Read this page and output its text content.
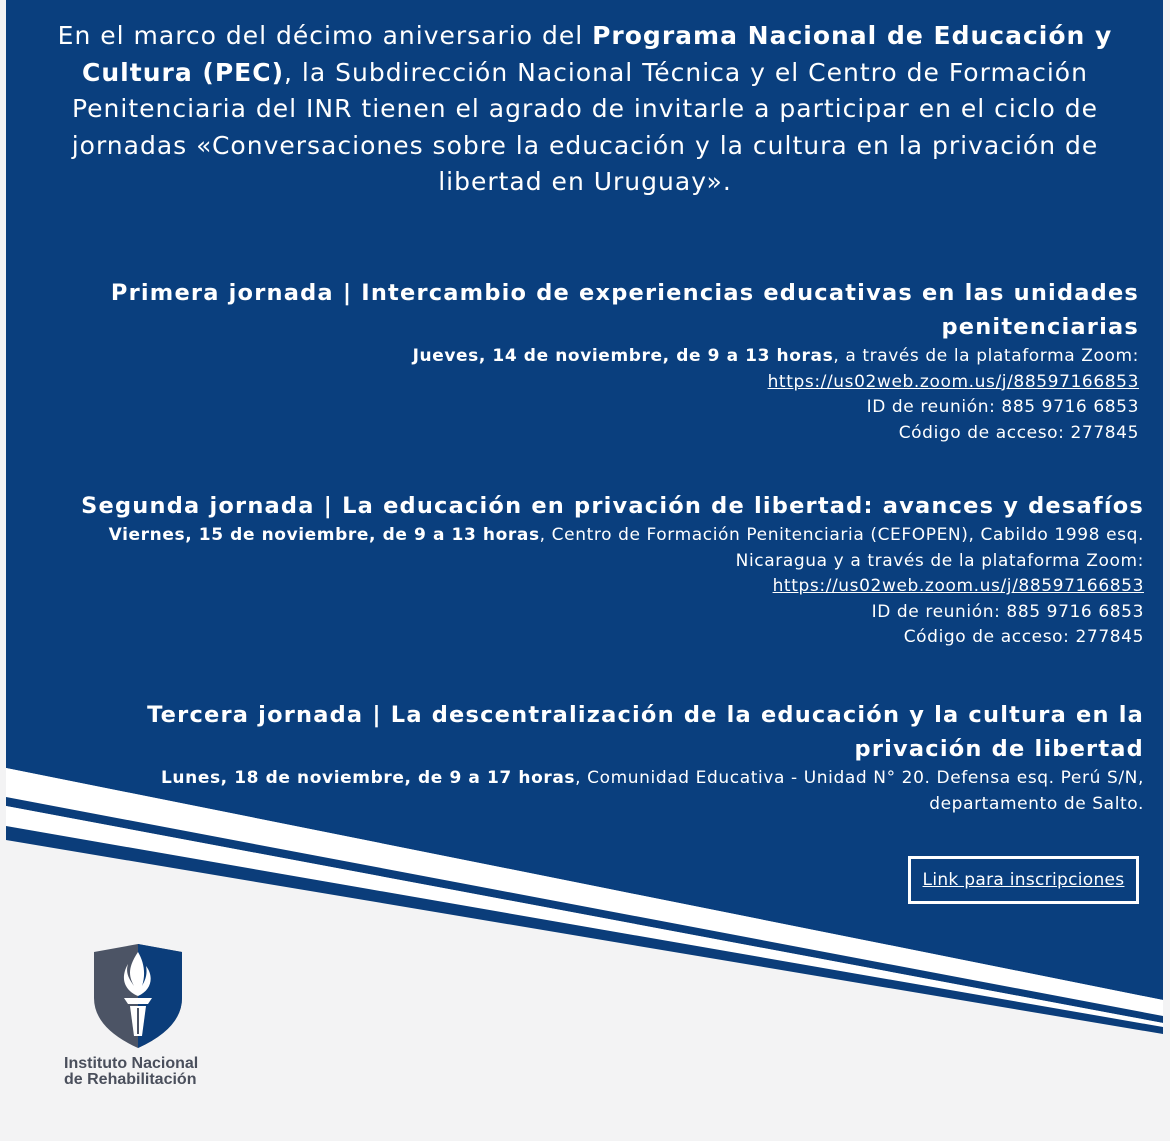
En el marco del décimo aniversario del Programa Nacional de Educación y Cultura (PEC), la Subdirección Nacional Técnica y el Centro de Formación Penitenciaria del INR tienen el agrado de invitarle a participar en el ciclo de jornadas «Conversaciones sobre la educación y la cultura en la privación de libertad en Uruguay».
Primera jornada | Intercambio de experiencias educativas en las unidades penitenciarias
Jueves, 14 de noviembre, de 9 a 13 horas, a través de la plataforma Zoom:
https://us02web.zoom.us/j/88597166853
ID de reunión: 885 9716 6853
Código de acceso: 277845
Segunda jornada | La educación en privación de libertad: avances y desafíos
Viernes, 15 de noviembre, de 9 a 13 horas, Centro de Formación Penitenciaria (CEFOPEN), Cabildo 1998 esq. Nicaragua y a través de la plataforma Zoom:
https://us02web.zoom.us/j/88597166853
ID de reunión: 885 9716 6853
Código de acceso: 277845
Tercera jornada | La descentralización de la educación y la cultura en la privación de libertad
Lunes, 18 de noviembre, de 9 a 17 horas, Comunidad Educativa - Unidad N° 20. Defensa esq. Perú S/N, departamento de Salto.
Link para inscripciones
Instituto Nacional
de Rehabilitación
